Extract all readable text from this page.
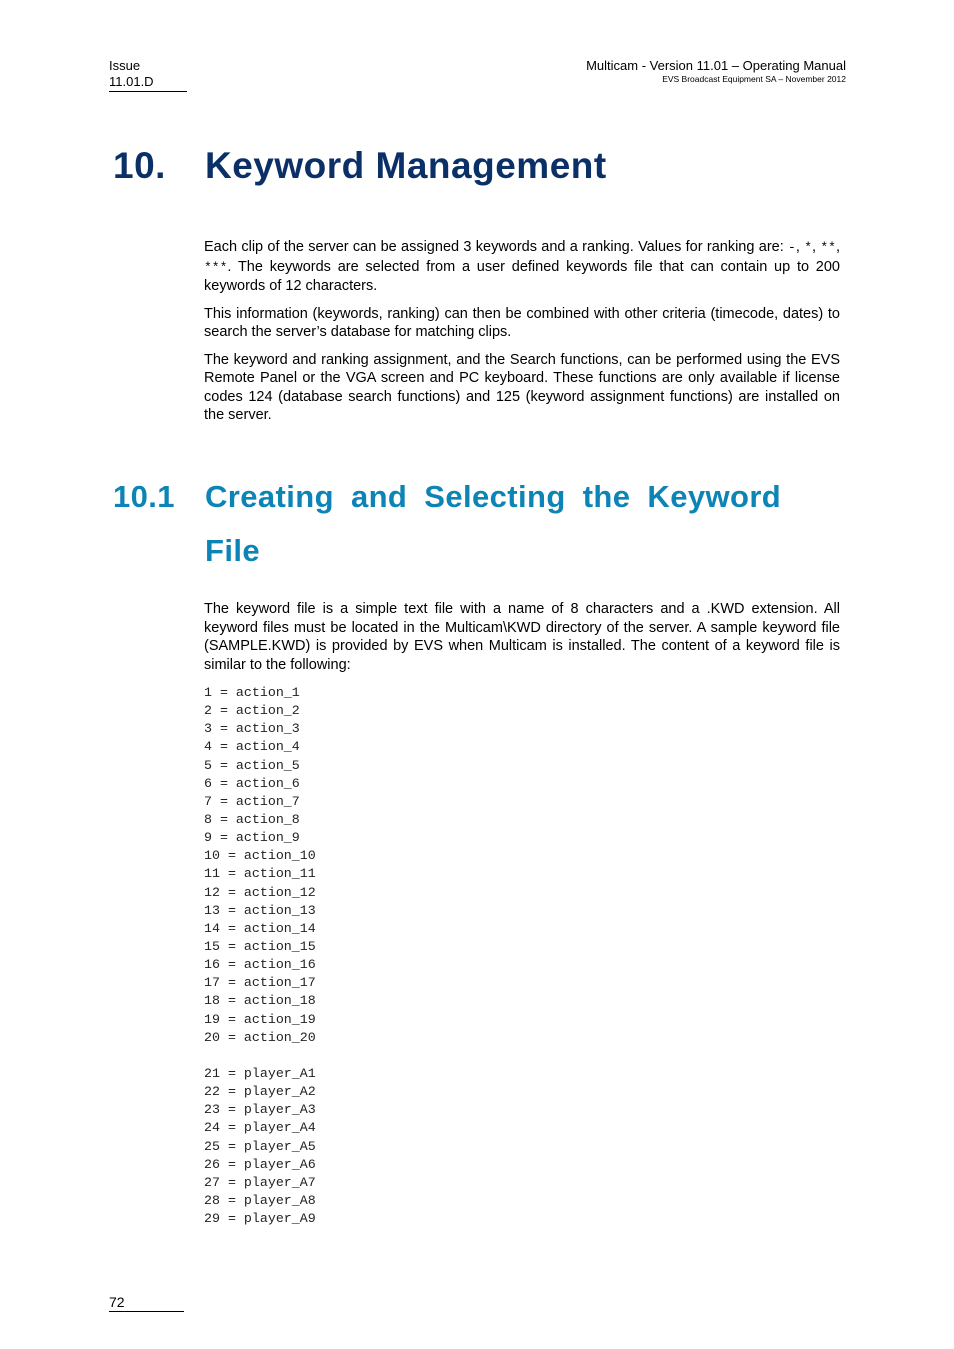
Issue
11.01.D
Multicam - Version 11.01 – Operating Manual
EVS Broadcast Equipment SA – November 2012
10. Keyword Management

Each clip of the server can be assigned 3 keywords and a ranking. Values for ranking are: -, *, **, ***. The keywords are selected from a user defined keywords file that can contain up to 200 keywords of 12 characters.

This information (keywords, ranking) can then be combined with other criteria (timecode, dates) to search the server’s database for matching clips.

The keyword and ranking assignment, and the Search functions, can be performed using the EVS Remote Panel or the VGA screen and PC keyboard. These functions are only available if license codes 124 (database search functions) and 125 (keyword assignment functions) are installed on the server.

10.1 Creating and Selecting the Keyword File

The keyword file is a simple text file with a name of 8 characters and a .KWD extension. All keyword files must be located in the Multicam\KWD directory of the server. A sample keyword file (SAMPLE.KWD) is provided by EVS when Multicam is installed. The content of a keyword file is similar to the following:

1 = action_1
2 = action_2
3 = action_3
4 = action_4
5 = action_5
6 = action_6
7 = action_7
8 = action_8
9 = action_9
10 = action_10
11 = action_11
12 = action_12
13 = action_13
14 = action_14
15 = action_15
16 = action_16
17 = action_17
18 = action_18
19 = action_19
20 = action_20
21 = player_A1
22 = player_A2
23 = player_A3
24 = player_A4
25 = player_A5
26 = player_A6
27 = player_A7
28 = player_A8
29 = player_A9
72
